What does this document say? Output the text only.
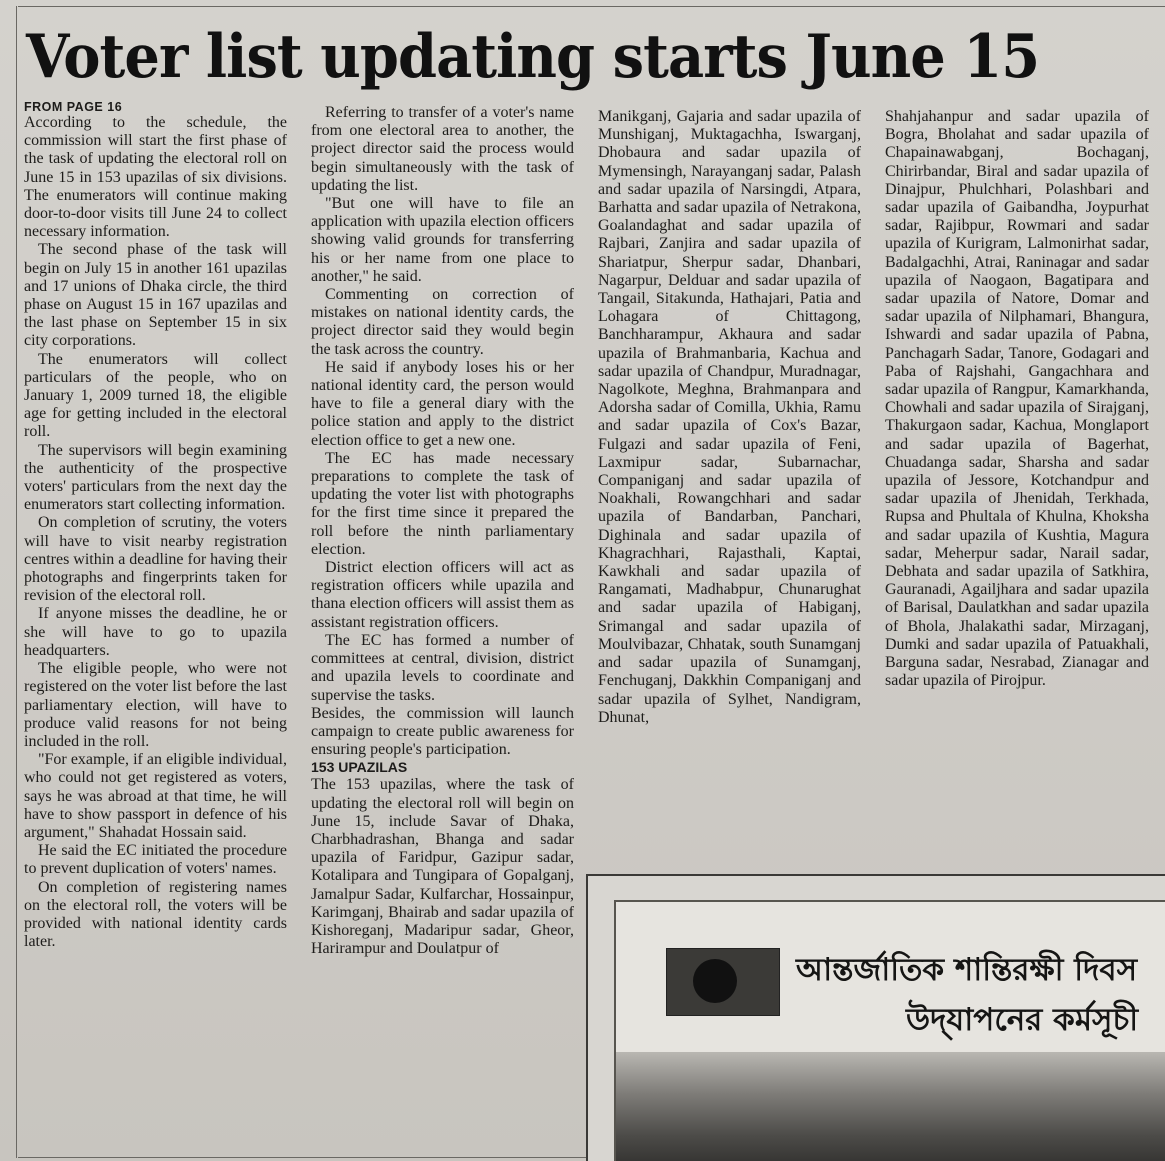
Voter list updating starts June 15
FROM PAGE 16

According to the schedule, the commission will start the first phase of the task of updating the electoral roll on June 15 in 153 upazilas of six divisions. The enumerators will continue making door-to-door visits till June 24 to collect necessary information.

The second phase of the task will begin on July 15 in another 161 upazilas and 17 unions of Dhaka circle, the third phase on August 15 in 167 upazilas and the last phase on September 15 in six city corporations.

The enumerators will collect particulars of the people, who on January 1, 2009 turned 18, the eligible age for getting included in the electoral roll.

The supervisors will begin examining the authenticity of the prospective voters' particulars from the next day the enumerators start collecting information.

On completion of scrutiny, the voters will have to visit nearby registration centres within a deadline for having their photographs and fingerprints taken for revision of the electoral roll.

If anyone misses the deadline, he or she will have to go to upazila headquarters.

The eligible people, who were not registered on the voter list before the last parliamentary election, will have to produce valid reasons for not being included in the roll.

"For example, if an eligible individual, who could not get registered as voters, says he was abroad at that time, he will have to show passport in defence of his argument," Shahadat Hossain said.

He said the EC initiated the procedure to prevent duplication of voters' names.

On completion of registering names on the electoral roll, the voters will be provided with national identity cards later.

Referring to transfer of a voter's name from one electoral area to another, the project director said the process would begin simultaneously with the task of updating the list.

"But one will have to file an application with upazila election officers showing valid grounds for transferring his or her name from one place to another," he said.

Commenting on correction of mistakes on national identity cards, the project director said they would begin the task across the country.

He said if anybody loses his or her national identity card, the person would have to file a general diary with the police station and apply to the district election office to get a new one.

The EC has made necessary preparations to complete the task of updating the voter list with photographs for the first time since it prepared the roll before the ninth parliamentary election.

District election officers will act as registration officers while upazila and thana election officers will assist them as assistant registration officers.

The EC has formed a number of committees at central, division, district and upazila levels to coordinate and supervise the tasks.

Besides, the commission will launch campaign to create public awareness for ensuring people's participation.

153 UPAZILAS

The 153 upazilas, where the task of updating the electoral roll will begin on June 15, include Savar of Dhaka, Charbhadrashan, Bhanga and sadar upazila of Faridpur, Gazipur sadar, Kotalipara and Tungipara of Gopalganj, Jamalpur Sadar, Kulfarchar, Hossainpur, Karimganj, Bhairab and sadar upazila of Kishoreganj, Madaripur sadar, Gheor, Harirampur and Doulatpur of

Manikganj, Gajaria and sadar upazila of Munshiganj, Muktagachha, Iswarganj, Dhobaura and sadar upazila of Mymensingh, Narayanganj sadar, Palash and sadar upazila of Narsingdi, Atpara, Barhatta and sadar upazila of Netrakona, Goalandaghat and sadar upazila of Rajbari, Zanjira and sadar upazila of Shariatpur, Sherpur sadar, Dhanbari, Nagarpur, Delduar and sadar upazila of Tangail, Sitakunda, Hathajari, Patia and Lohagara of Chittagong, Banchharampur, Akhaura and sadar upazila of Brahmanbaria, Kachua and sadar upazila of Chandpur, Muradnagar, Nagolkote, Meghna, Brahmanpara and Adorsha sadar of Comilla, Ukhia, Ramu and sadar upazila of Cox's Bazar, Fulgazi and sadar upazila of Feni, Laxmipur sadar, Subarnachar, Companiganj and sadar upazila of Noakhali, Rowangchhari and sadar upazila of Bandarban, Panchari, Dighinala and sadar upazila of Khagrachhari, Rajasthali, Kaptai, Kawkhali and sadar upazila of Rangamati, Madhabpur, Chunarughat and sadar upazila of Habiganj, Srimangal and sadar upazila of Moulvibazar, Chhatak, south Sunamganj and sadar upazila of Sunamganj, Fenchuganj, Dakkhin Companiganj and sadar upazila of Sylhet, Nandigram, Dhunat,

Shahjahanpur and sadar upazila of Bogra, Bholahat and sadar upazila of Chapainawabganj, Bochaganj, Chirirbandar, Biral and sadar upazila of Dinajpur, Phulchhari, Polashbari and sadar upazila of Gaibandha, Joypurhat sadar, Rajibpur, Rowmari and sadar upazila of Kurigram, Lalmonirhat sadar, Badalgachhi, Atrai, Raninagar and sadar upazila of Naogaon, Bagatipara and sadar upazila of Natore, Domar and sadar upazila of Nilphamari, Bhangura, Ishwardi and sadar upazila of Pabna, Panchagarh Sadar, Tanore, Godagari and Paba of Rajshahi, Gangachhara and sadar upazila of Rangpur, Kamarkhanda, Chowhali and sadar upazila of Sirajganj, Thakurgaon sadar, Kachua, Monglaport and sadar upazila of Bagerhat, Chuadanga sadar, Sharsha and sadar upazila of Jessore, Kotchandpur and sadar upazila of Jhenidah, Terkhada, Rupsa and Phultala of Khulna, Khoksha and sadar upazila of Kushtia, Magura sadar, Meherpur sadar, Narail sadar, Debhata and sadar upazila of Satkhira, Gauranadi, Agailjhara and sadar upazila of Barisal, Daulatkhan and sadar upazila of Bhola, Jhalakathi sadar, Mirzaganj, Dumki and sadar upazila of Patuakhali, Barguna sadar, Nesrabad, Zianagar and sadar upazila of Pirojpur.

আন্তর্জাতিক শান্তিরক্ষী দিবস
উদ্‌যাপনের কর্মসূচী
